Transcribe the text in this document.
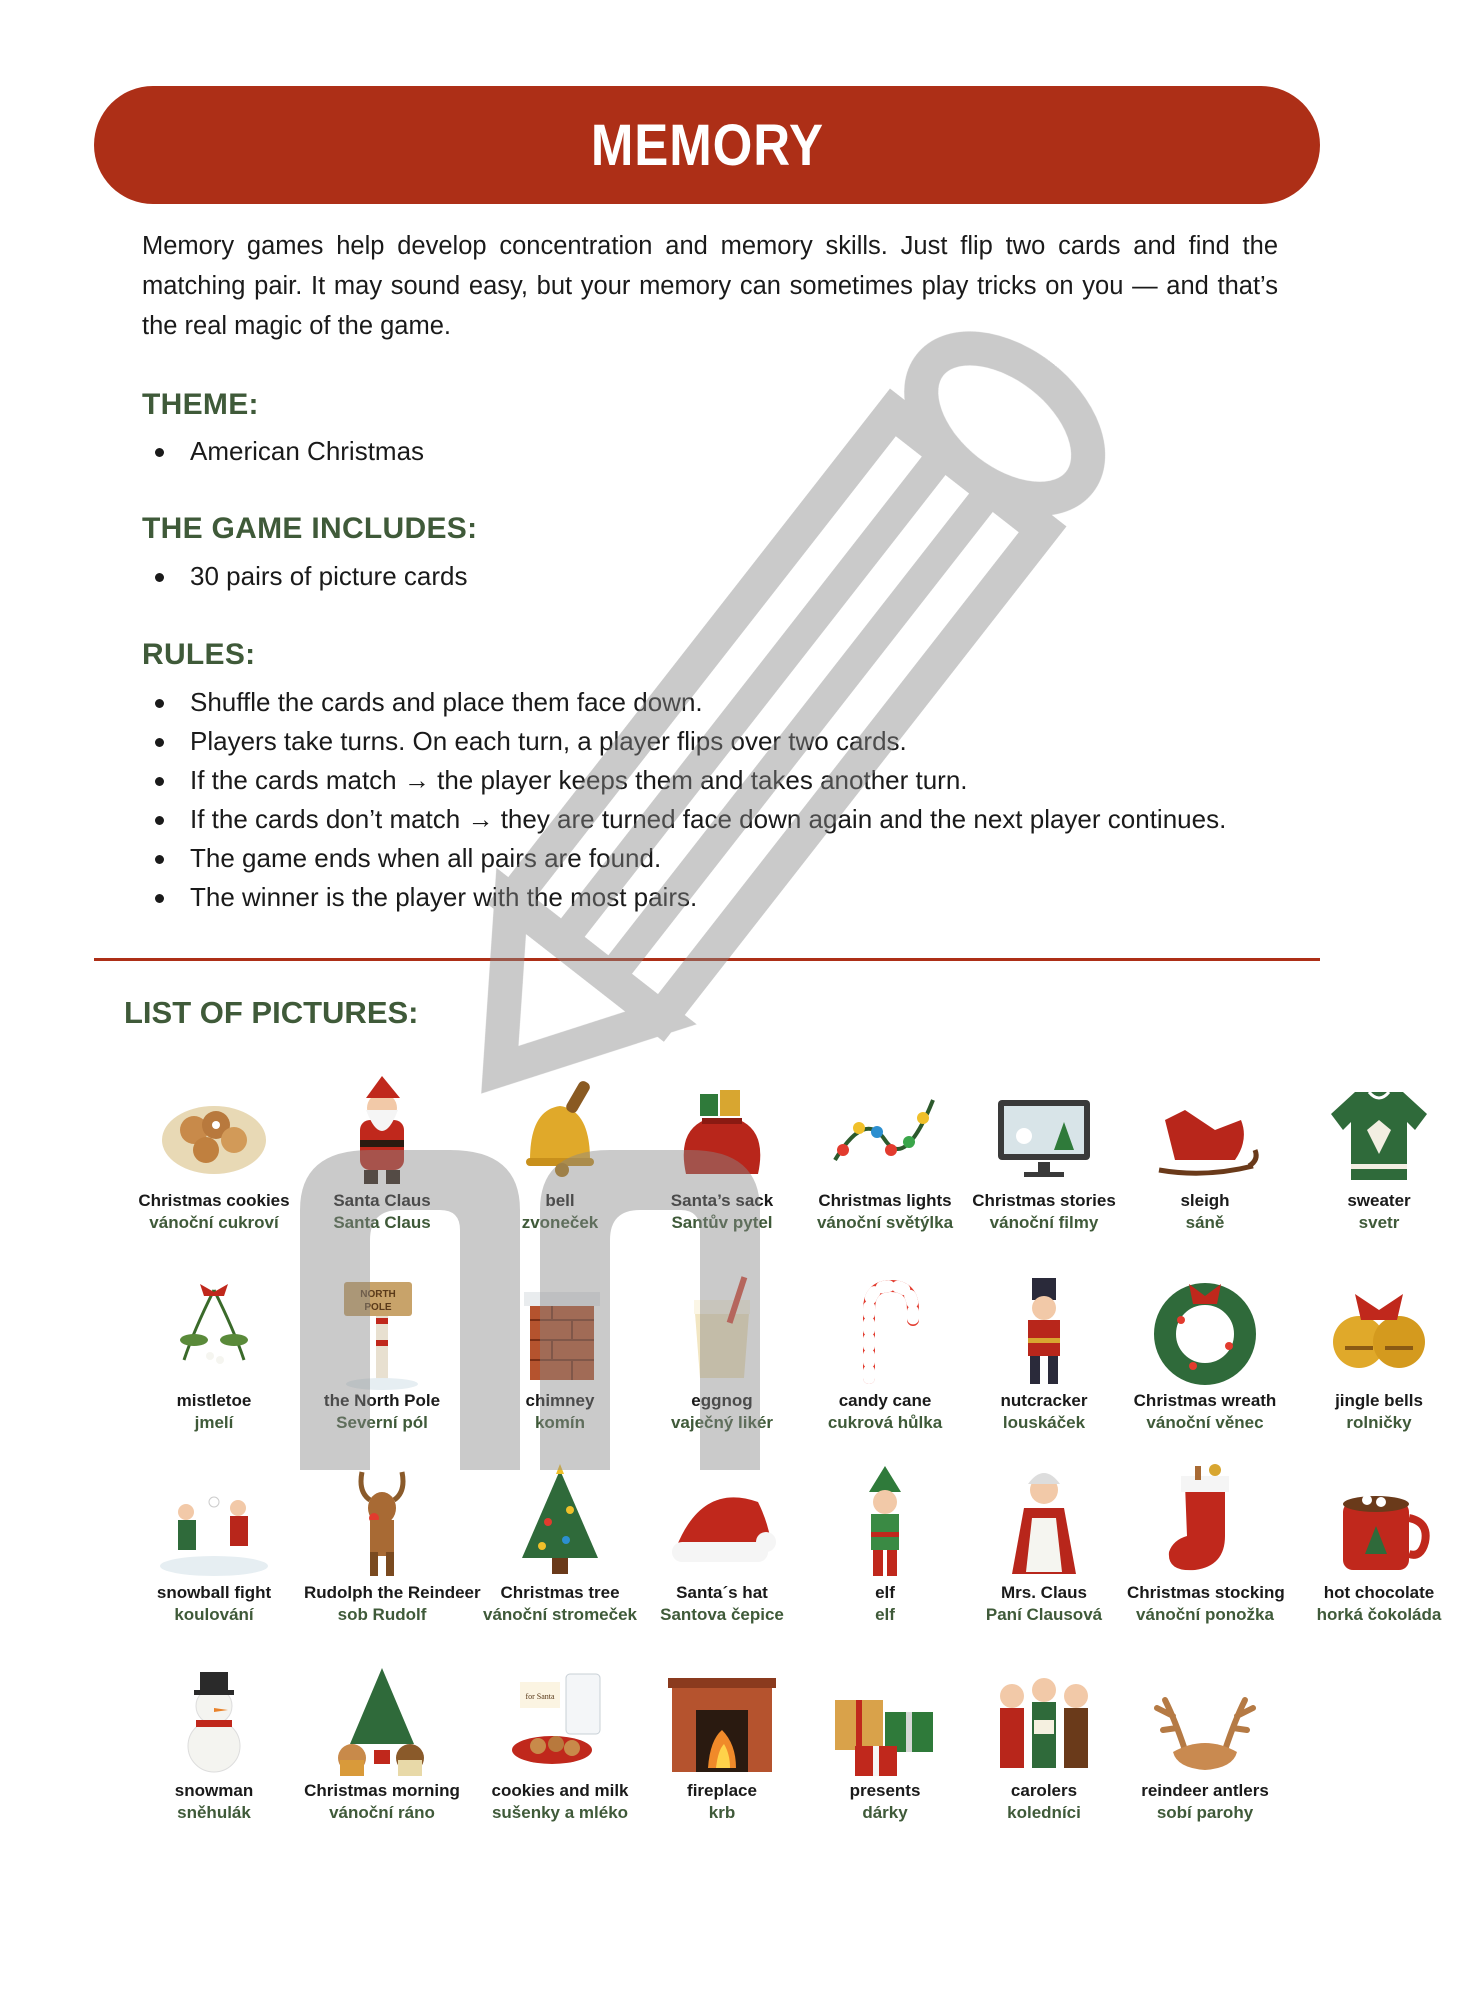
MEMORY

Memory games help develop concentration and memory skills. Just flip two cards and find the matching pair. It may sound easy, but your memory can sometimes play tricks on you — and that’s the real magic of the game.

THEME:
American Christmas
THE GAME INCLUDES:
30 pairs of picture cards
RULES:
Shuffle the cards and place them face down.
Players take turns. On each turn, a player flips over two cards.
If the cards match → the player keeps them and takes another turn.
If the cards don’t match → they are turned face down again and the next player continues.
The game ends when all pairs are found.
The winner is the player with the most pairs.
LIST OF PICTURES:
Christmas cookies
vánoční cukroví
Santa Claus
Santa Claus
bell
zvoneček
Santa’s sack
Santův pytel
Christmas lights
vánoční světýlka
Christmas stories
vánoční filmy
sleigh
sáně
sweater
svetr
mistletoe
jmelí
NORTH
POLE
the North Pole
Severní pól
chimney
komín
eggnog
vaječný likér
candy cane
cukrová hůlka
nutcracker
louskáček
Christmas wreath
vánoční věnec
jingle bells
rolničky
snowball fight
koulování
Rudolph the Reindeer
sob Rudolf
Christmas tree
vánoční stromeček
Santa´s hat
Santova čepice
elf
elf
Mrs. Claus
Paní Clausová
Christmas stocking
vánoční ponožka
hot chocolate
horká čokoláda
snowman
sněhulák
Christmas morning
vánoční ráno
for Santa
cookies and milk
sušenky a mléko
fireplace
krb
presents
dárky
carolers
koledníci
reindeer antlers
sobí parohy
